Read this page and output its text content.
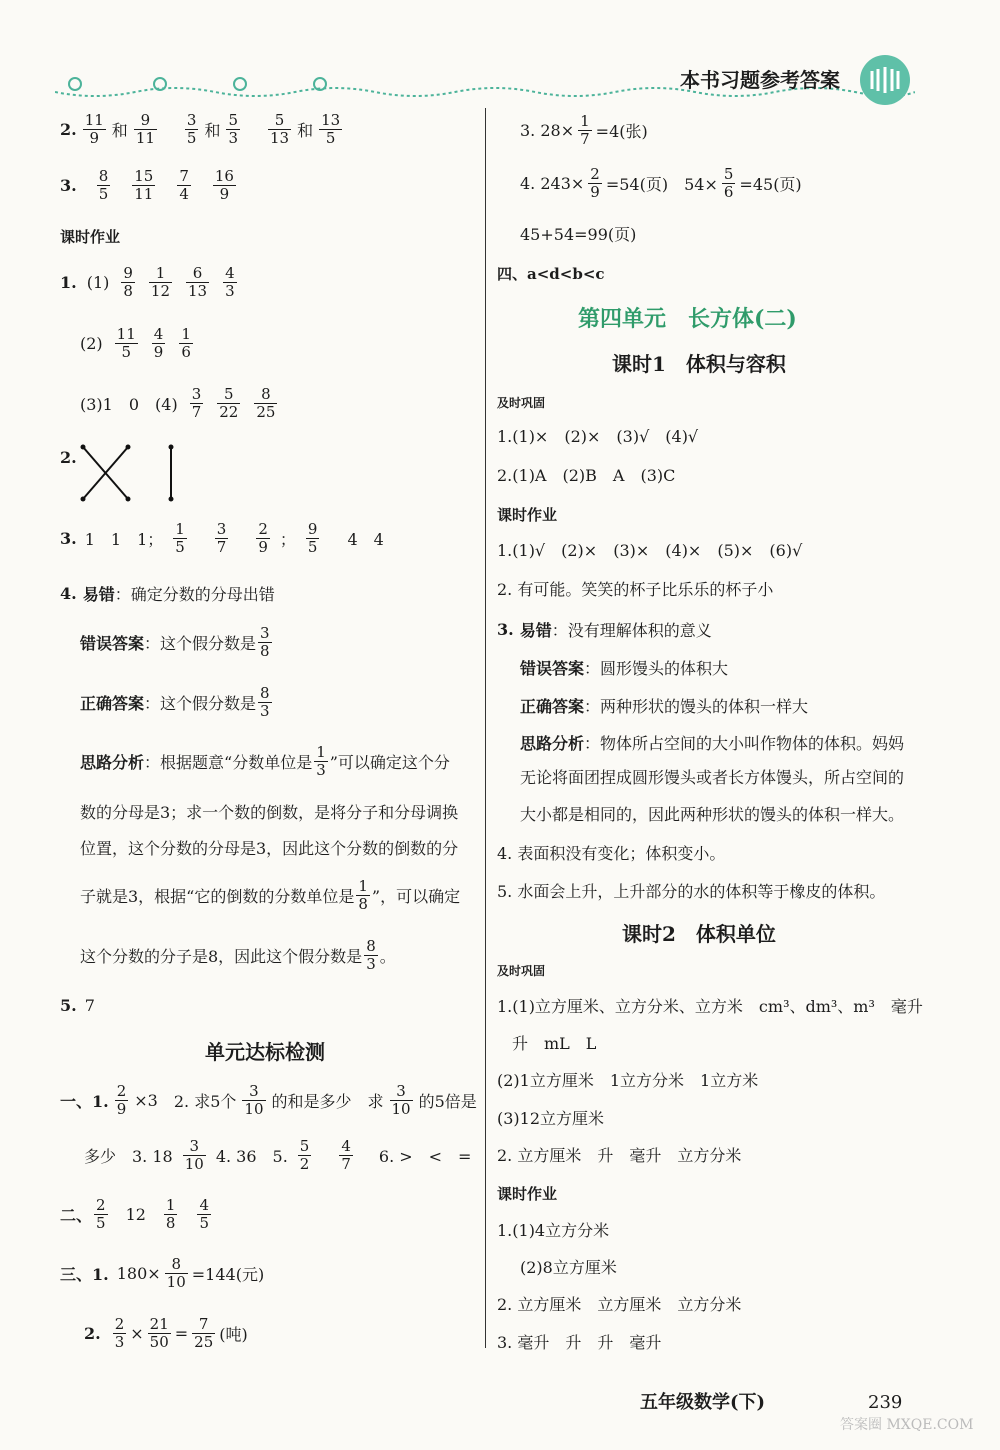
本书习题参考答案
2. $\frac{11}{9}$ 和 $\frac{9}{11} \frac{3}{5}$ 和 $\frac{5}{3} \frac{5}{13}$ 和 $\frac{13}{5}$
3. $\frac{8}{5} \frac{15}{11} \frac{7}{4} \frac{16}{9}$
课时作业
1. $(1) \frac{9}{8} \frac{1}{12} \frac{6}{13} \frac{4}{3}$
$(2) \frac{11}{5} \frac{4}{9} \frac{1}{6}$
(3)1　0　$(4) \frac{3}{7} \frac{5}{22} \frac{8}{25}$
2.
3. 1　1　1； $\frac{1}{5} \frac{3}{7} \frac{2}{9}$ ； $\frac{9}{5} 4$　4
4. 易错 ：确定分数的分母出错
错误答案 ：这个假分数是 $\frac{3}{8}$
正确答案 ：这个假分数是 $\frac{8}{3}$
思路分析 ：根据题意“分数单位是 $\frac{1}{3}$ ”可以确定这个分
数的分母是3；求一个数的倒数，是将分子和分母调换
位置，这个分数的分母是3，因此这个分数的倒数的分
子就是3，根据“它的倒数的分数单位是 $\frac{1}{8}$ ”，可以确定
这个分数的分子是8，因此这个假分数是 $\frac{8}{3}$ 。
5. 7
单元达标检测
一、1. $\frac{2}{9} \times 3$ 2. 求5个 $\frac{3}{10}$ 的和是多少　求 $\frac{3}{10}$ 的5倍是
多少　3. $18 \frac{3}{10} 4$. 36　5. $\frac{5}{2} \frac{4}{7} 6$. >　<　=
二、 $\frac{2}{5} 12 \frac{1}{8} \frac{4}{5}$
三、1. $180\times \frac{8}{10} =144$(元)
2. $\frac{2}{3} \times \frac{21}{50} = \frac{7}{25}$ (吨)
3. $28\times \frac{1}{7} =4$(张)
4. $243\times \frac{2}{9} =54$(页)　$54\times \frac{5}{6} =45$(页)
45+54=99(页)
四、a<d<b<c
第四单元　长方体(二)
课时1　体积与容积
及时巩固
1.(1)×　(2)×　(3)√　(4)√
2.(1)A　(2)B　A　(3)C
课时作业
1.(1)√　(2)×　(3)×　(4)×　(5)×　(6)√
2. 有可能。笑笑的杯子比乐乐的杯子小
3. 易错 ：没有理解体积的意义
错误答案 ：圆形馒头的体积大
正确答案 ：两种形状的馒头的体积一样大
思路分析 ：物体所占空间的大小叫作物体的体积。妈妈
无论将面团捏成圆形馒头或者长方体馒头，所占空间的
大小都是相同的，因此两种形状的馒头的体积一样大。
4. 表面积没有变化；体积变小。
5. 水面会上升，上升部分的水的体积等于橡皮的体积。
课时2　体积单位
及时巩固
1.(1)立方厘米、立方分米、立方米　cm³、dm³、m³　毫升
升　mL　L
(2)1立方厘米　1立方分米　1立方米
(3)12立方厘米
2. 立方厘米　升　毫升　立方分米
课时作业
1.(1)4立方分米
(2)8立方厘米
2. 立方厘米　立方厘米　立方分米
3. 毫升　升　升　毫升
五年级数学(下)	239
答案圈 MXQE.COM
